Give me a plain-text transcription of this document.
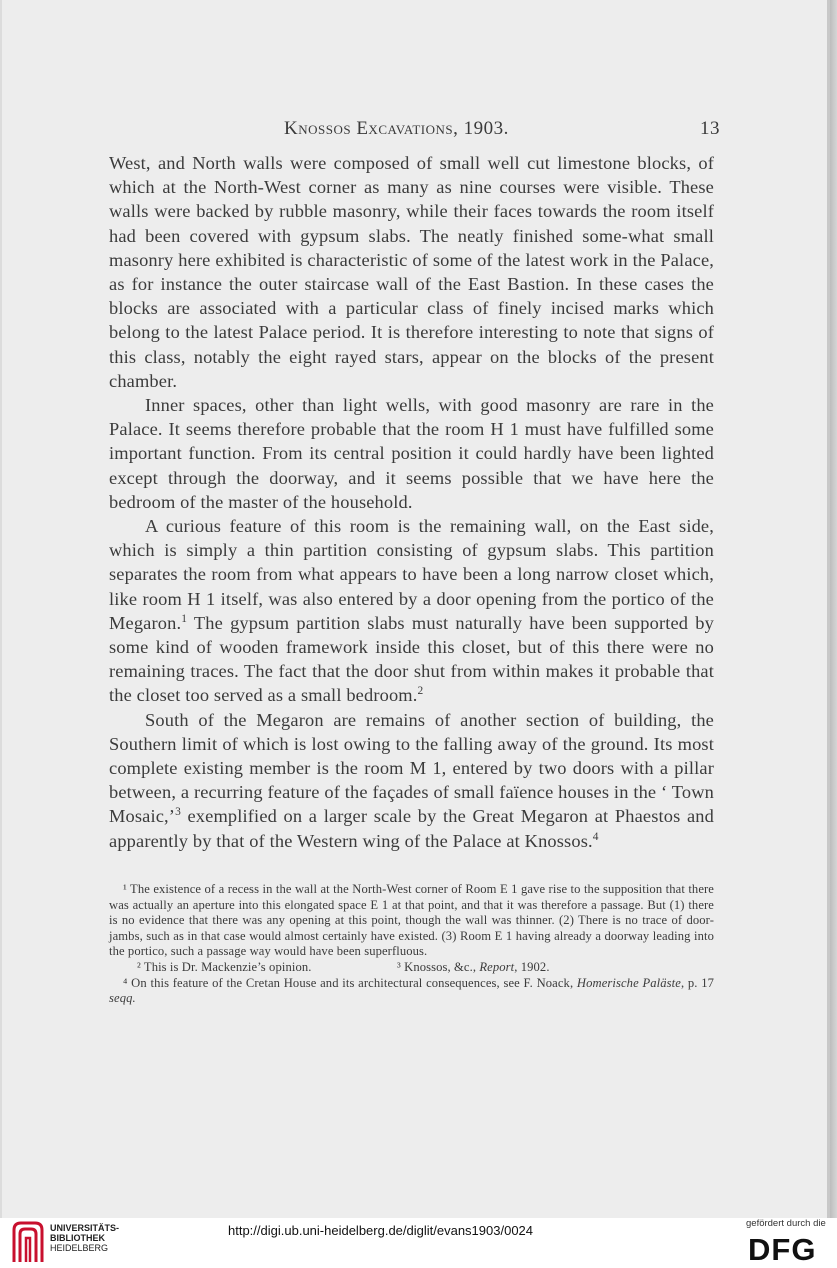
Knossos Excavations, 1903.	13

West, and North walls were composed of small well cut limestone blocks, of which at the North-West corner as many as nine courses were visible. These walls were backed by rubble masonry, while their faces towards the room itself had been covered with gypsum slabs. The neatly finished some-what small masonry here exhibited is characteristic of some of the latest work in the Palace, as for instance the outer staircase wall of the East Bastion. In these cases the blocks are associated with a particular class of finely incised marks which belong to the latest Palace period. It is therefore interesting to note that signs of this class, notably the eight rayed stars, appear on the blocks of the present chamber.

Inner spaces, other than light wells, with good masonry are rare in the Palace. It seems therefore probable that the room H 1 must have fulfilled some important function. From its central position it could hardly have been lighted except through the doorway, and it seems possible that we have here the bedroom of the master of the household.

A curious feature of this room is the remaining wall, on the East side, which is simply a thin partition consisting of gypsum slabs. This partition separates the room from what appears to have been a long narrow closet which, like room H 1 itself, was also entered by a door opening from the portico of the Megaron.$^1$ The gypsum partition slabs must naturally have been supported by some kind of wooden framework inside this closet, but of this there were no remaining traces. The fact that the door shut from within makes it probable that the closet too served as a small bedroom.$^2$

South of the Megaron are remains of another section of building, the Southern limit of which is lost owing to the falling away of the ground. Its most complete existing member is the room M 1, entered by two doors with a pillar between, a recurring feature of the façades of small faïence houses in the ‘ Town Mosaic,’$^3$ exemplified on a larger scale by the Great Megaron at Phaestos and apparently by that of the Western wing of the Palace at Knossos.$^4$

¹ The existence of a recess in the wall at the North-West corner of Room E 1 gave rise to the supposition that there was actually an aperture into this elongated space E 1 at that point, and that it was therefore a passage. But (1) there is no evidence that there was any opening at this point, though the wall was thinner. (2) There is no trace of door-jambs, such as in that case would almost certainly have existed. (3) Room E 1 having already a doorway leading into the portico, such a passage way would have been superfluous.

² This is Dr. Mackenzie’s opinion.	³ Knossos, &c., Report, 1902.

⁴ On this feature of the Cretan House and its architectural consequences, see F. Noack, Homerische Paläste, p. 17 seqq.

UNIVERSITÄTS-
BIBLIOTHEK
HEIDELBERG
http://digi.ub.uni-heidelberg.de/diglit/evans1903/0024	gefördert durch die
DFG
